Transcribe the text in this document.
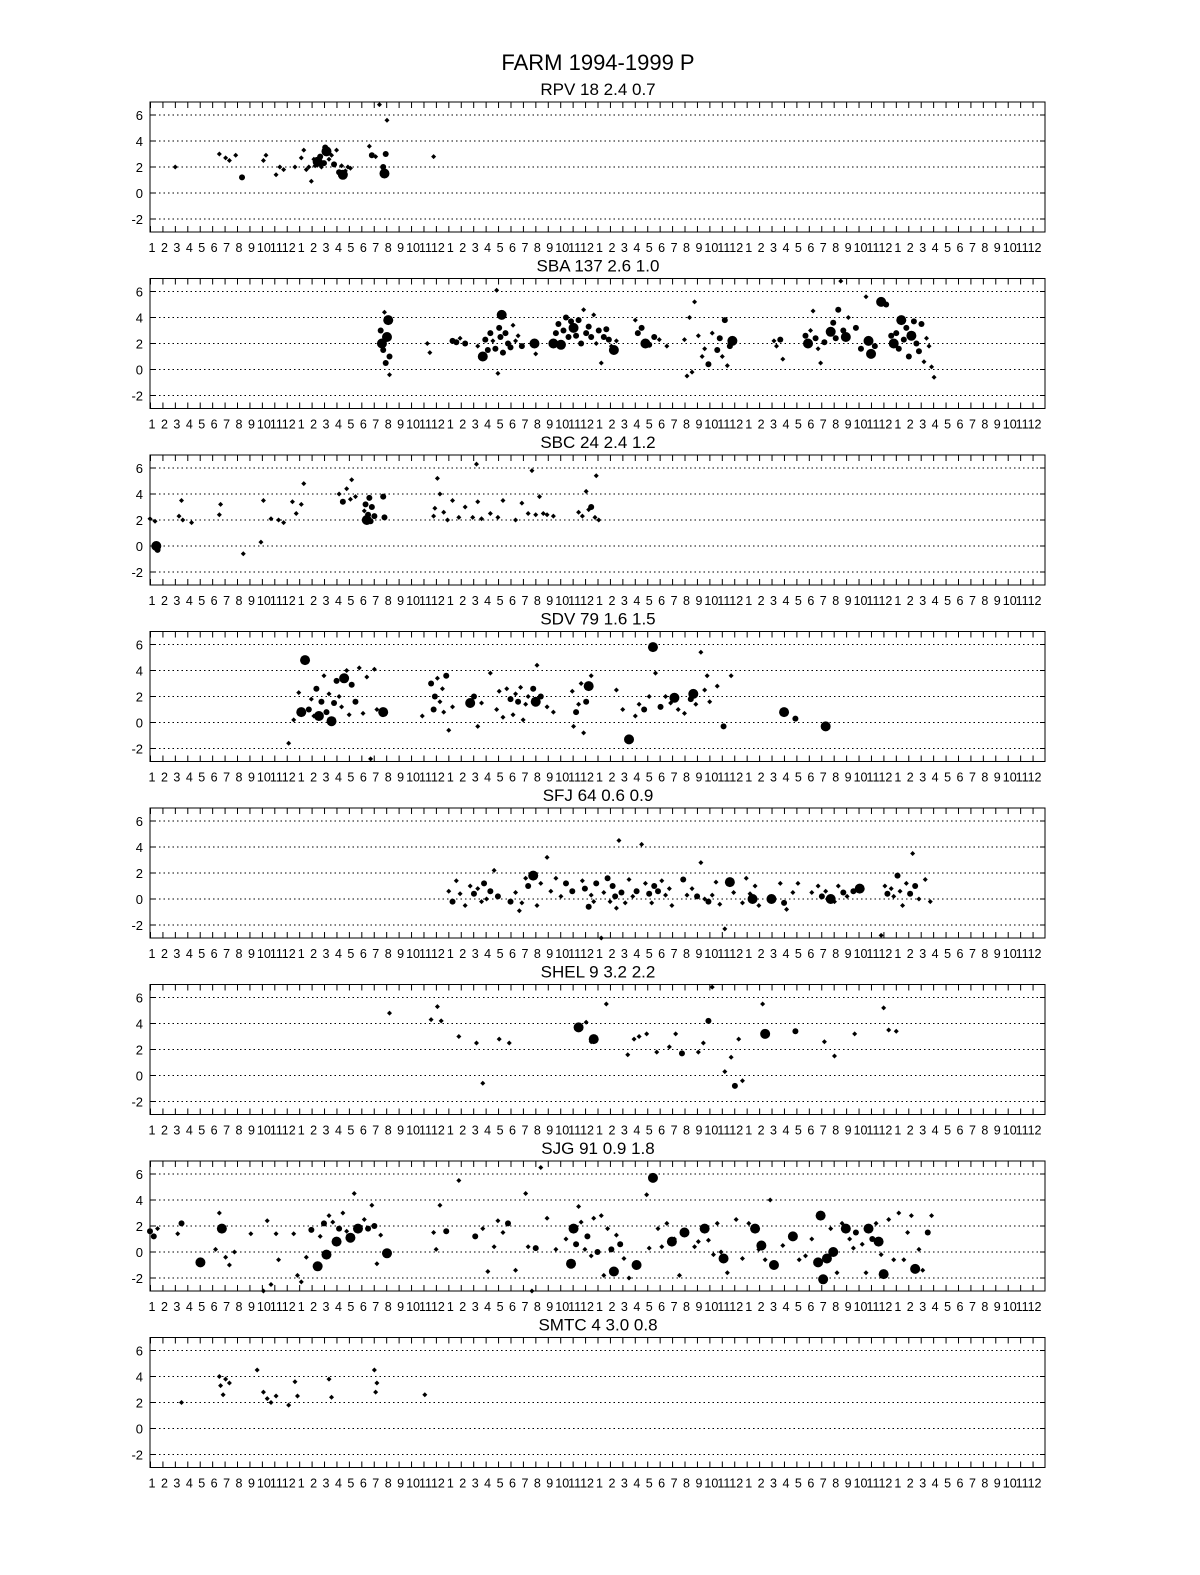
FARM 1994-1999 P
RPV 18 2.4 0.7
1 2 3 4 5 6 7 8 9 10
11
12 1 2 3 4 5 6 7 8 9 10
11
12 1 2 3 4 5 6 7 8 9 10
11
12 1 2 3 4 5 6 7 8 9 10
11
12 1 2 3 4 5 6 7 8 9 10
11
12 1 2 3 4 5 6 7 8 9 10
11
12
-2
0
2
4
6
SBA 137 2.6 1.0
1 2 3 4 5 6 7 8 9 10
11
12 1 2 3 4 5 6 7 8 9 10
11
12 1 2 3 4 5 6 7 8 9 10
11
12 1 2 3 4 5 6 7 8 9 10
11
12 1 2 3 4 5 6 7 8 9 10
11
12 1 2 3 4 5 6 7 8 9 10
11
12
-2
0
2
4
6
SBC 24 2.4 1.2
1 2 3 4 5 6 7 8 9 10
11
12 1 2 3 4 5 6 7 8 9 10
11
12 1 2 3 4 5 6 7 8 9 10
11
12 1 2 3 4 5 6 7 8 9 10
11
12 1 2 3 4 5 6 7 8 9 10
11
12 1 2 3 4 5 6 7 8 9 10
11
12
-2
0
2
4
6
SDV 79 1.6 1.5
1 2 3 4 5 6 7 8 9 10
11
12 1 2 3 4 5 6 7 8 9 10
11
12 1 2 3 4 5 6 7 8 9 10
11
12 1 2 3 4 5 6 7 8 9 10
11
12 1 2 3 4 5 6 7 8 9 10
11
12 1 2 3 4 5 6 7 8 9 10
11
12
-2
0
2
4
6
SFJ 64 0.6 0.9
1 2 3 4 5 6 7 8 9 10
11
12 1 2 3 4 5 6 7 8 9 10
11
12 1 2 3 4 5 6 7 8 9 10
11
12 1 2 3 4 5 6 7 8 9 10
11
12 1 2 3 4 5 6 7 8 9 10
11
12 1 2 3 4 5 6 7 8 9 10
11
12
-2
0
2
4
6
SHEL 9 3.2 2.2
1 2 3 4 5 6 7 8 9 10
11
12 1 2 3 4 5 6 7 8 9 10
11
12 1 2 3 4 5 6 7 8 9 10
11
12 1 2 3 4 5 6 7 8 9 10
11
12 1 2 3 4 5 6 7 8 9 10
11
12 1 2 3 4 5 6 7 8 9 10
11
12
-2
0
2
4
6
SJG 91 0.9 1.8
1 2 3 4 5 6 7 8 9 10
11
12 1 2 3 4 5 6 7 8 9 10
11
12 1 2 3 4 5 6 7 8 9 10
11
12 1 2 3 4 5 6 7 8 9 10
11
12 1 2 3 4 5 6 7 8 9 10
11
12 1 2 3 4 5 6 7 8 9 10
11
12
-2
0
2
4
6
SMTC 4 3.0 0.8
1 2 3 4 5 6 7 8 9 10
11
12 1 2 3 4 5 6 7 8 9 10
11
12 1 2 3 4 5 6 7 8 9 10
11
12 1 2 3 4 5 6 7 8 9 10
11
12 1 2 3 4 5 6 7 8 9 10
11
12 1 2 3 4 5 6 7 8 9 10
11
12
-2
0
2
4
6
